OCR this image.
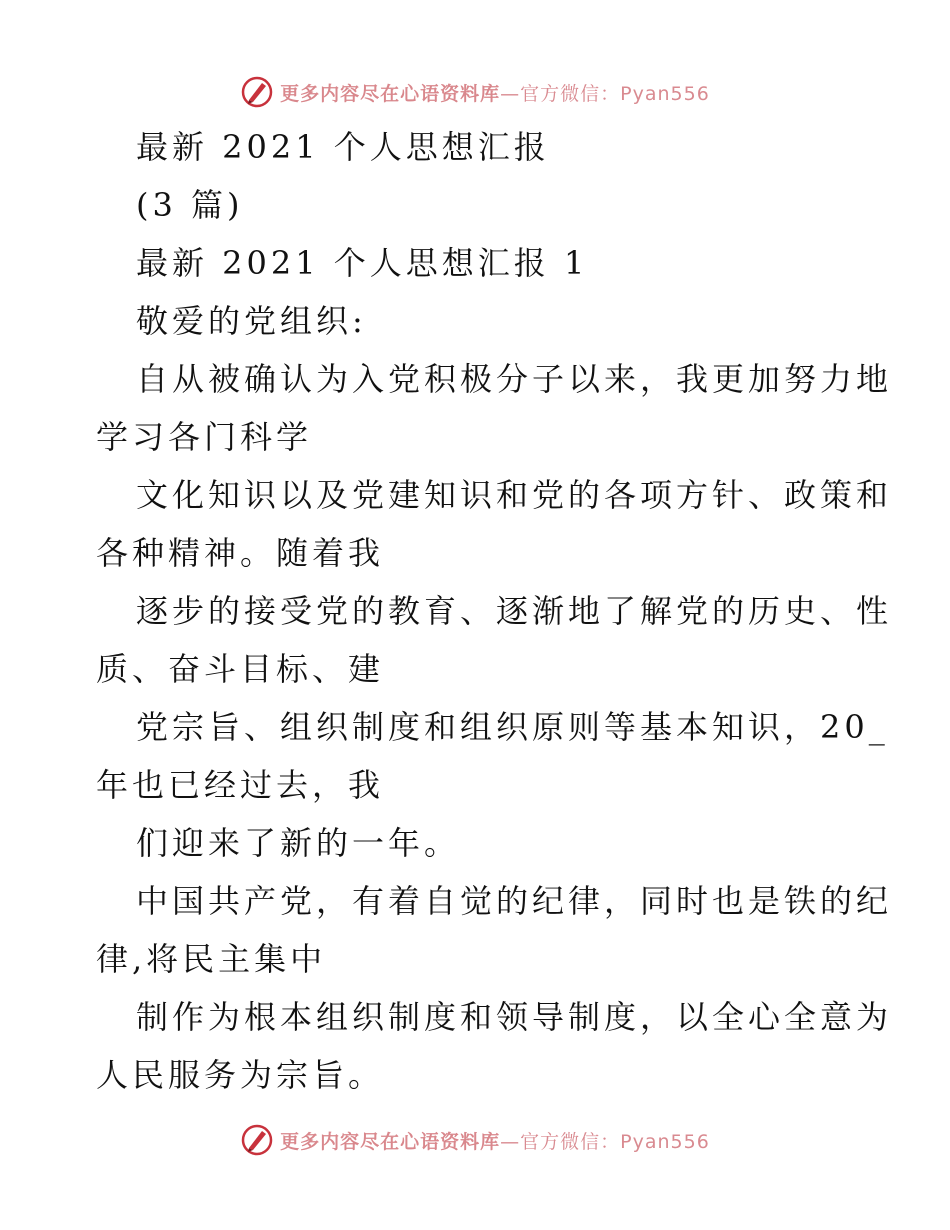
更多内容尽在心语资料库—官方微信：Pyan556

最新 2021 个人思想汇报

(3 篇)

最新 2021 个人思想汇报 1

敬爱的党组织:

自从被确认为入党积极分子以来，我更加努力地

学习各门科学

文化知识以及党建知识和党的各项方针、政策和

各种精神。随着我

逐步的接受党的教育、逐渐地了解党的历史、性

质、奋斗目标、建

党宗旨、组织制度和组织原则等基本知识，20_

年也已经过去，我

们迎来了新的一年。

中国共产党，有着自觉的纪律，同时也是铁的纪

律,将民主集中

制作为根本组织制度和领导制度，以全心全意为

人民服务为宗旨。

更多内容尽在心语资料库—官方微信：Pyan556
